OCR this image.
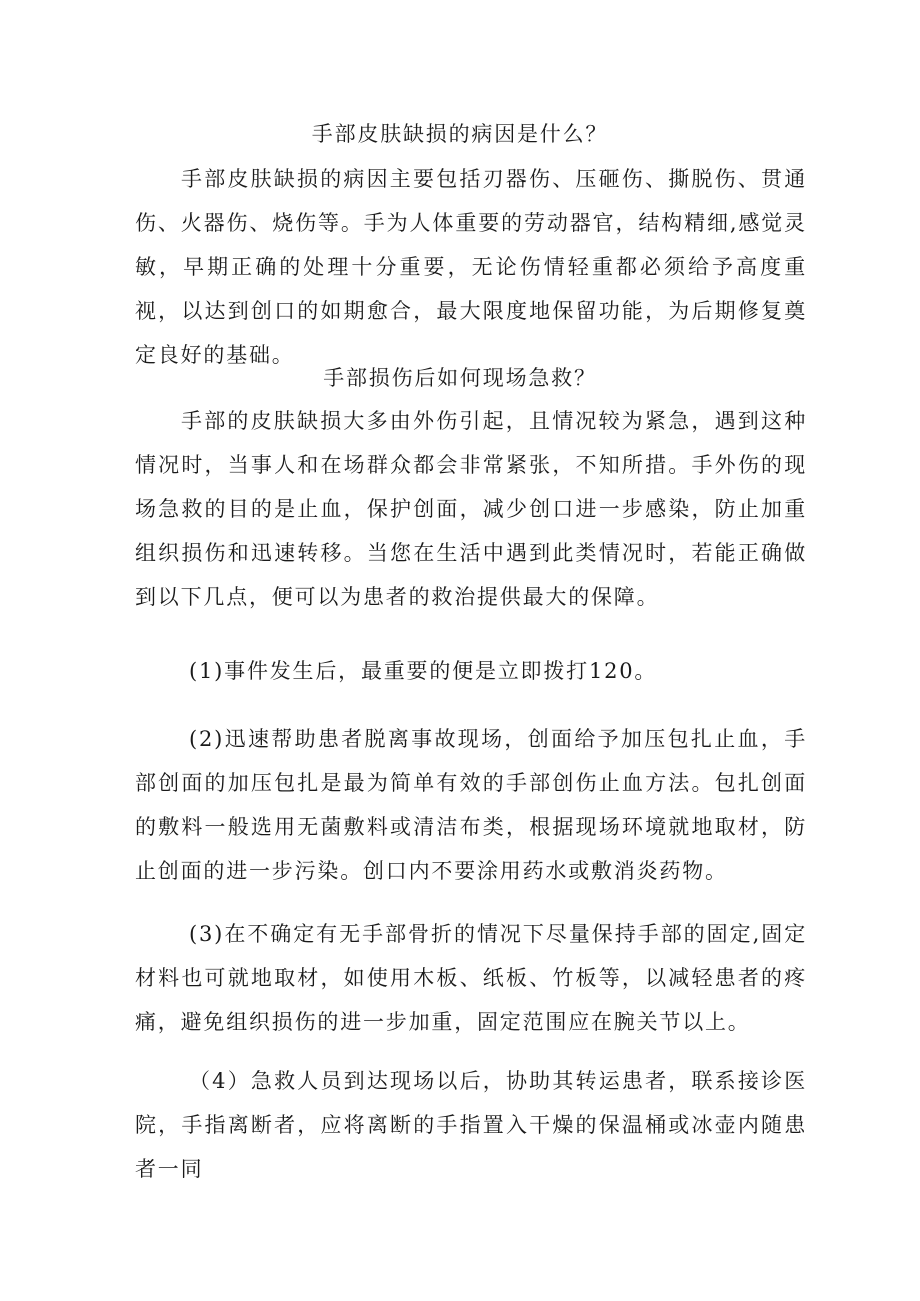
手部皮肤缺损的病因是什么？

手部皮肤缺损的病因主要包括刃器伤、压砸伤、撕脱伤、贯通伤、火器伤、烧伤等。手为人体重要的劳动器官，结构精细,感觉灵敏，早期正确的处理十分重要，无论伤情轻重都必须给予高度重视，以达到创口的如期愈合，最大限度地保留功能，为后期修复奠定良好的基础。

手部损伤后如何现场急救？

手部的皮肤缺损大多由外伤引起，且情况较为紧急，遇到这种情况时，当事人和在场群众都会非常紧张，不知所措。手外伤的现场急救的目的是止血，保护创面，减少创口进一步感染，防止加重组织损伤和迅速转移。当您在生活中遇到此类情况时，若能正确做到以下几点，便可以为患者的救治提供最大的保障。

(1)事件发生后，最重要的便是立即拨打120。

(2)迅速帮助患者脱离事故现场，创面给予加压包扎止血，手部创面的加压包扎是最为简单有效的手部创伤止血方法。包扎创面的敷料一般选用无菌敷料或清洁布类，根据现场环境就地取材，防止创面的进一步污染。创口内不要涂用药水或敷消炎药物。

(3)在不确定有无手部骨折的情况下尽量保持手部的固定,固定材料也可就地取材，如使用木板、纸板、竹板等，以减轻患者的疼痛，避免组织损伤的进一步加重，固定范围应在腕关节以上。

（4）急救人员到达现场以后，协助其转运患者，联系接诊医院，手指离断者，应将离断的手指置入干燥的保温桶或冰壶内随患者一同
